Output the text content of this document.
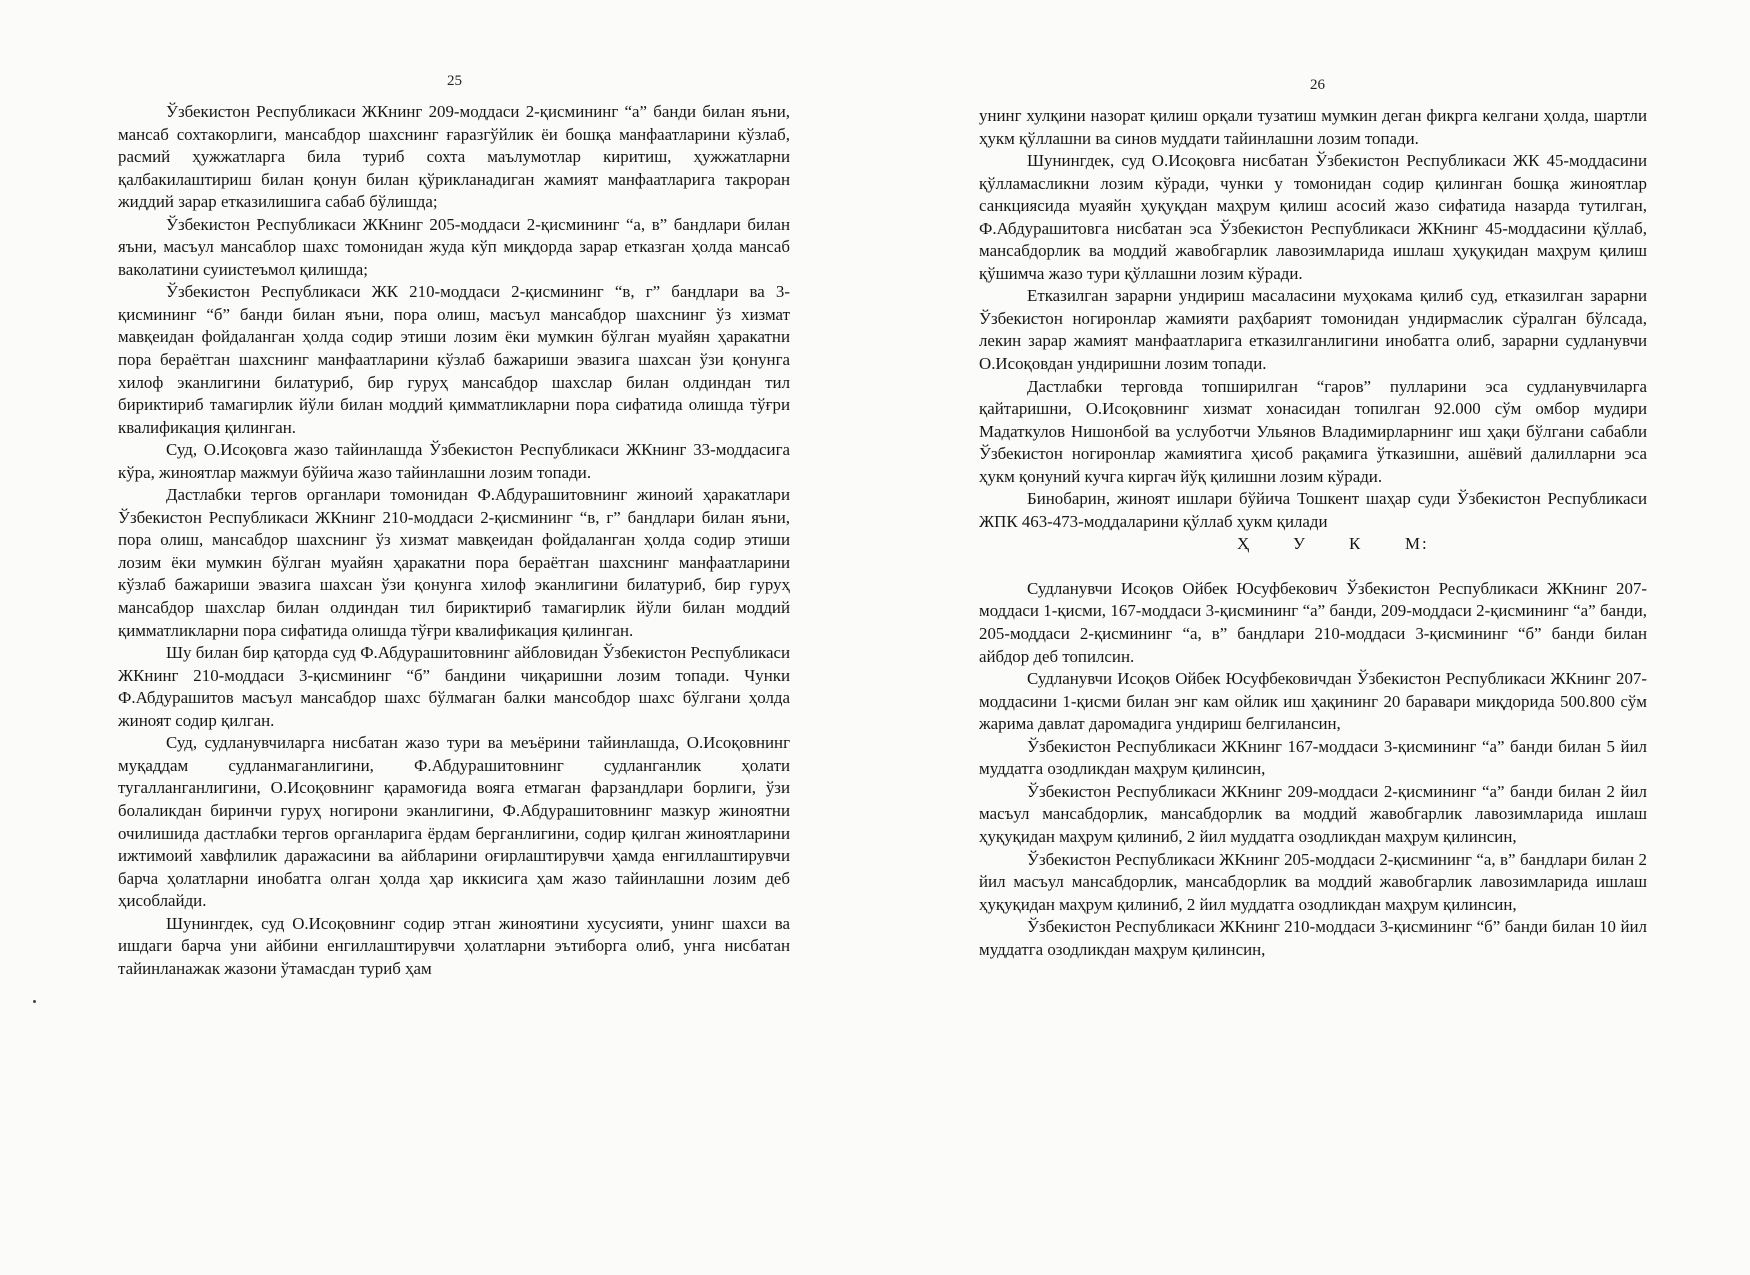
25

Ўзбекистон Республикаси ЖКнинг 209-моддаси 2-қисмининг “а” банди билан яъни, мансаб сохтакорлиги, мансабдор шахснинг ғаразгўйлик ёи бошқа манфаатларини кўзлаб, расмий ҳужжатларга била туриб сохта маълумотлар киритиш, ҳужжатларни қалбакилаштириш билан қонун билан қўрикланадиган жамият манфаатларига такроран жиддий зарар етказилишига сабаб бўлишда;

Ўзбекистон Республикаси ЖКнинг 205-моддаси 2-қисмининг “а, в” бандлари билан яъни, масъул мансаблор шахс томонидан жуда кўп миқдорда зарар етказган ҳолда мансаб ваколатини суиистеъмол қилишда;

Ўзбекистон Республикаси ЖК 210-моддаси 2-қисмининг “в, г” бандлари ва 3-қисмининг “б” банди билан яъни, пора олиш, масъул мансабдор шахснинг ўз хизмат мавқеидан фойдаланган ҳолда содир этиши лозим ёки мумкин бўлган муайян ҳаракатни пора бераётган шахснинг манфаатларини кўзлаб бажариши эвазига шахсан ўзи қонунга хилоф эканлигини билатуриб, бир гуруҳ мансабдор шахслар билан олдиндан тил бириктириб тамагирлик йўли билан моддий қимматликларни пора сифатида олишда тўғри квалификация қилинган.

Суд, О.Исоқовга жазо тайинлашда Ўзбекистон Республикаси ЖКнинг 33-моддасига кўра, жиноятлар мажмуи бўйича жазо тайинлашни лозим топади.

Дастлабки тергов органлари томонидан Ф.Абдурашитовнинг жиноий ҳаракатлари Ўзбекистон Республикаси ЖКнинг 210-моддаси 2-қисмининг “в, г” бандлари билан яъни, пора олиш, мансабдор шахснинг ўз хизмат мавқеидан фойдаланган ҳолда содир этиши лозим ёки мумкин бўлган муайян ҳаракатни пора бераётган шахснинг манфаатларини кўзлаб бажариши эвазига шахсан ўзи қонунга хилоф эканлигини билатуриб, бир гуруҳ мансабдор шахслар билан олдиндан тил бириктириб тамагирлик йўли билан моддий қимматликларни пора сифатида олишда тўғри квалификация қилинган.

Шу билан бир қаторда суд Ф.Абдурашитовнинг айбловидан Ўзбекистон Республикаси ЖКнинг 210-моддаси 3-қисмининг “б” бандини чиқаришни лозим топади. Чунки Ф.Абдурашитов масъул мансабдор шахс бўлмаган балки мансобдор шахс бўлгани ҳолда жиноят содир қилган.

Суд, судланувчиларга нисбатан жазо тури ва меъёрини тайинлашда, О.Исоқовнинг муқаддам судланмаганлигини, Ф.Абдурашитовнинг судланганлик ҳолати тугалланганлигини, О.Исоқовнинг қарамоғида вояга етмаган фарзандлари борлиги, ўзи болаликдан биринчи гуруҳ ногирони эканлигини, Ф.Абдурашитовнинг мазкур жиноятни очилишида дастлабки тергов органларига ёрдам берганлигини, содир қилган жиноятларини ижтимоий хавфлилик даражасини ва айбларини оғирлаштирувчи ҳамда енгиллаштирувчи барча ҳолатларни инобатга олган ҳолда ҳар иккисига ҳам жазо тайинлашни лозим деб ҳисоблайди.

Шунингдек, суд О.Исоқовнинг содир этган жиноятини хусусияти, унинг шахси ва ишдаги барча уни айбини енгиллаштирувчи ҳолатларни эътиборга олиб, унга нисбатан тайинланажак жазони ўтамасдан туриб ҳам

26

унинг хулқини назорат қилиш орқали тузатиш мумкин деган фикрга келгани ҳолда, шартли ҳукм қўллашни ва синов муддати тайинлашни лозим топади.

Шунингдек, суд О.Исоқовга нисбатан Ўзбекистон Республикаси ЖК 45-моддасини қўлламасликни лозим кўради, чунки у томонидан содир қилинган бошқа жиноятлар санкциясида муаяйн ҳуқуқдан маҳрум қилиш асосий жазо сифатида назарда тутилган, Ф.Абдурашитовга нисбатан эса Ўзбекистон Республикаси ЖКнинг 45-моддасини қўллаб, мансабдорлик ва моддий жавобгарлик лавозимларида ишлаш ҳуқуқидан маҳрум қилиш қўшимча жазо тури қўллашни лозим кўради.

Етказилган зарарни ундириш масаласини муҳокама қилиб суд, етказилган зарарни Ўзбекистон ногиронлар жамияти раҳбарият томонидан ундирмаслик сўралган бўлсада, лекин зарар жамият манфаатларига етказилганлигини инобатга олиб, зарарни судланувчи О.Исоқовдан ундиришни лозим топади.

Дастлабки терговда топширилган “гаров” пулларини эса судланувчиларга қайтаришни, О.Исоқовнинг хизмат хонасидан топилган 92.000 сўм омбор мудири Мадаткулов Нишонбой ва услуботчи Ульянов Владимирларнинг иш ҳақи бўлгани сабабли Ўзбекистон ногиронлар жамиятига ҳисоб рақамига ўтказишни, ашёвий далилларни эса ҳукм қонуний кучга киргач йўқ қилишни лозим кўради.

Бинобарин, жиноят ишлари бўйича Тошкент шаҳар суди Ўзбекистон Республикаси ЖПК 463-473-моддаларини қўллаб ҳукм қилади

Ҳ У К	М:

Судланувчи Исоқов Ойбек Юсуфбекович Ўзбекистон Республикаси ЖКнинг 207-моддаси 1-қисми, 167-моддаси 3-қисмининг “а” банди, 209-моддаси 2-қисмининг “а” банди, 205-моддаси 2-қисмининг “а, в” бандлари 210-моддаси 3-қисмининг “б” банди билан айбдор деб топилсин.

Судланувчи Исоқов Ойбек Юсуфбековичдан Ўзбекистон Республикаси ЖКнинг 207-моддасини 1-қисми билан энг кам ойлик иш ҳақининг 20 баравари миқдорида 500.800 сўм жарима давлат даромадига ундириш белгилансин,

Ўзбекистон Республикаси ЖКнинг 167-моддаси 3-қисмининг “а” банди билан 5 йил муддатга озодликдан маҳрум қилинсин,

Ўзбекистон Республикаси ЖКнинг 209-моддаси 2-қисмининг “а” банди билан 2 йил масъул мансабдорлик, мансабдорлик ва моддий жавобгарлик лавозимларида ишлаш ҳуқуқидан маҳрум қилиниб, 2 йил муддатга озодликдан маҳрум қилинсин,

Ўзбекистон Республикаси ЖКнинг 205-моддаси 2-қисмининг “а, в” бандлари билан 2 йил масъул мансабдорлик, мансабдорлик ва моддий жавобгарлик лавозимларида ишлаш ҳуқуқидан маҳрум қилиниб, 2 йил муддатга озодликдан маҳрум қилинсин,

Ўзбекистон Республикаси ЖКнинг 210-моддаси 3-қисмининг “б” банди билан 10 йил муддатга озодликдан маҳрум қилинсин,
